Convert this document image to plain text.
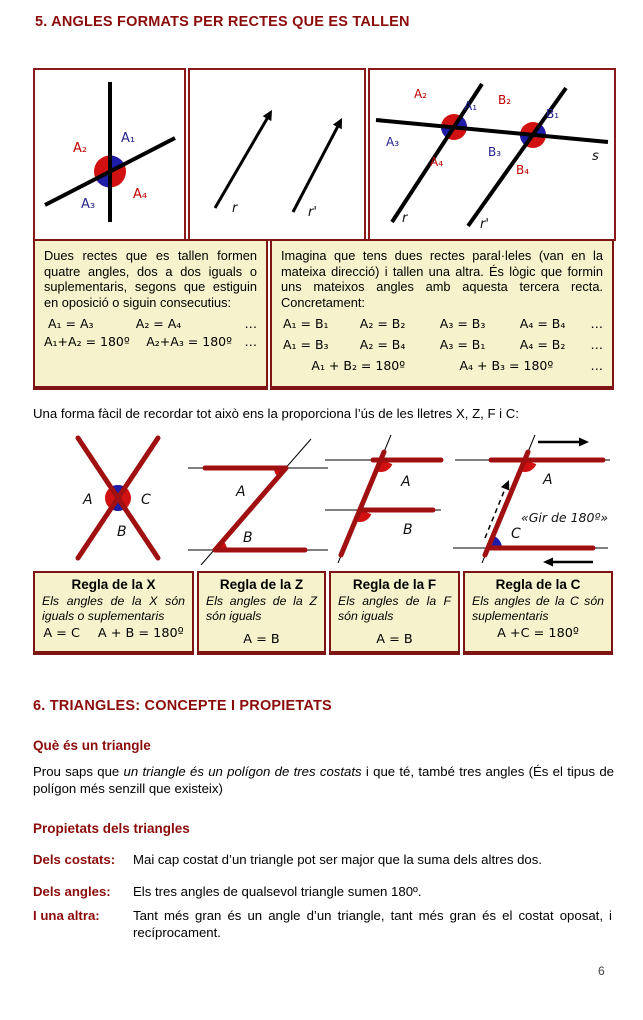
5. ANGLES FORMATS PER RECTES QUE ES TALLEN
A₂
A₁
A₃
A₄
r	r'
A₂
A₁
A₃
A₄
B₂
B₁
B₃
B₄
s
r	r'

Dues rectes que es tallen formen quatre angles, dos a dos iguals o suplementaris, segons que estiguin en oposició o siguin consecutius:

A₁ = A₃	A₂ = A₄	…
A₁+A₂ = 180º	A₂+A₃ = 180º …

Imagina que tens dues rectes paral·leles (van en la mateixa direcció) i tallen una altra. És lògic que formin uns mateixos angles amb aquesta tercera recta. Concretament:

A₁ = B₁	A₂ = B₂	A₃ = B₃	A₄ = B₄	…
A₁ = B₃	A₂ = B₄	A₃ = B₁	A₄ = B₂	…
A₁ + B₂ = 180º	A₄ + B₃ = 180º	…
Una forma fàcil de recordar tot això ens la proporciona l’ús de les lletres X, Z, F i C:
A	C
B
A
B
A
B
A
C
«Gir de 180º»
Regla de la X
Els angles de la X són iguals o suplementaris
A = C A + B = 180º
Regla de la Z
Els angles de la Z són iguals
A = B
Regla de la F
Els angles de la F són iguals
A = B
Regla de la C
Els angles de la C són suplementaris
A +C = 180º
6. TRIANGLES: CONCEPTE I PROPIETATS
Què és un triangle
Prou saps que un triangle és un polígon de tres costats i que té, també tres angles (És el tipus de polígon més senzill que existeix)
Propietats dels triangles
Dels costats:	Mai cap costat d’un triangle pot ser major que la suma dels altres dos.
Dels angles:	Els tres angles de qualsevol triangle sumen 180º.
I una altra:	Tant més gran és un angle d’un triangle, tant més gran és el costat oposat, i recíprocament.
6
